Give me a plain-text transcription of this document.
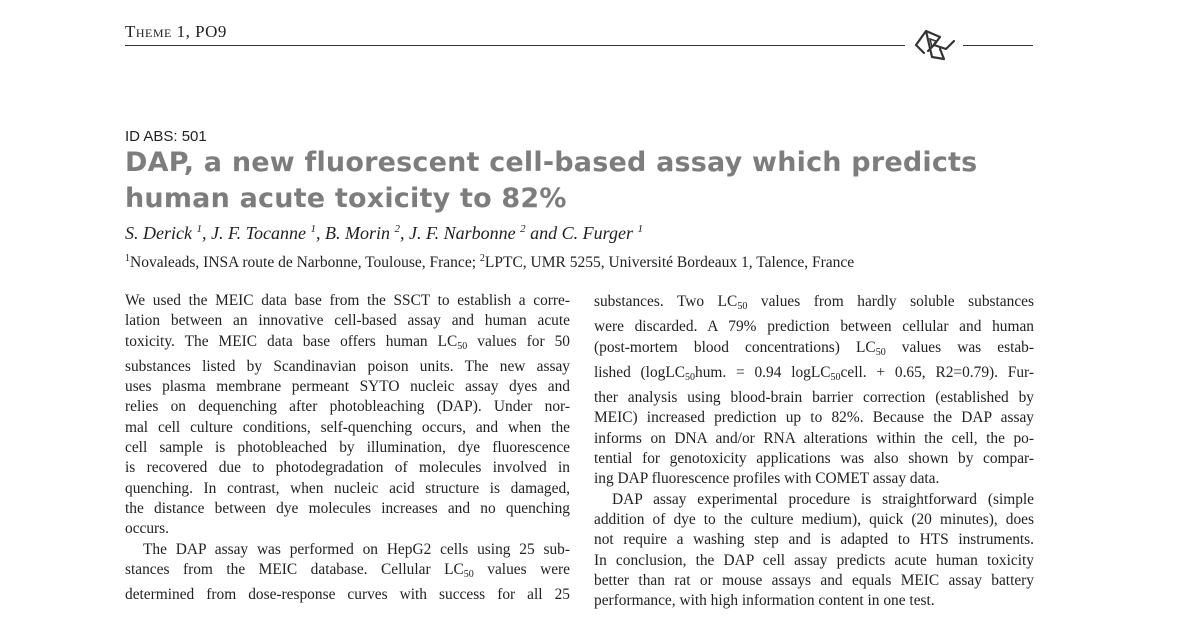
Theme 1, PO9
ID ABS: 501
DAP, a new fluorescent cell-based assay which predicts
human acute toxicity to 82%
S. Derick $^1$, J. F. Tocanne $^1$, B. Morin $^2$, J. F. Narbonne $^2$ and C. Furger $^1$
$^1$Novaleads, INSA route de Narbonne, Toulouse, France; $^2$LPTC, UMR 5255, Université Bordeaux 1, Talence, France
We used the MEIC data base from the SSCT to establish a corre-
lation between an innovative cell-based assay and human acute
toxicity. The MEIC data base offers human $LC_{50}$ values for 50
substances listed by Scandinavian poison units. The new assay
uses plasma membrane permeant SYTO nucleic assay dyes and
relies on dequenching after photobleaching (DAP). Under nor-
mal cell culture conditions, self-quenching occurs, and when the
cell sample is photobleached by illumination, dye fluorescence
is recovered due to photodegradation of molecules involved in
quenching. In contrast, when nucleic acid structure is damaged,
the distance between dye molecules increases and no quenching
occurs.
The DAP assay was performed on HepG2 cells using 25 sub-
stances from the MEIC database. Cellular $LC_{50}$ values were
determined from dose-response curves with success for all 25
substances. Two $LC_{50}$ values from hardly soluble substances
were discarded. A 79% prediction between cellular and human
(post-mortem blood concentrations) $LC_{50}$ values was estab-
lished (logLC$_{50}$hum. = 0.94 logLC$_{50}$cell. + 0.65, R2=0.79). Fur-
ther analysis using blood-brain barrier correction (established by
MEIC) increased prediction up to 82%. Because the DAP assay
informs on DNA and/or RNA alterations within the cell, the po-
tential for genotoxicity applications was also shown by compar-
ing DAP fluorescence profiles with COMET assay data.
DAP assay experimental procedure is straightforward (simple
addition of dye to the culture medium), quick (20 minutes), does
not require a washing step and is adapted to HTS instruments.
In conclusion, the DAP cell assay predicts acute human toxicity
better than rat or mouse assays and equals MEIC assay battery
performance, with high information content in one test.
